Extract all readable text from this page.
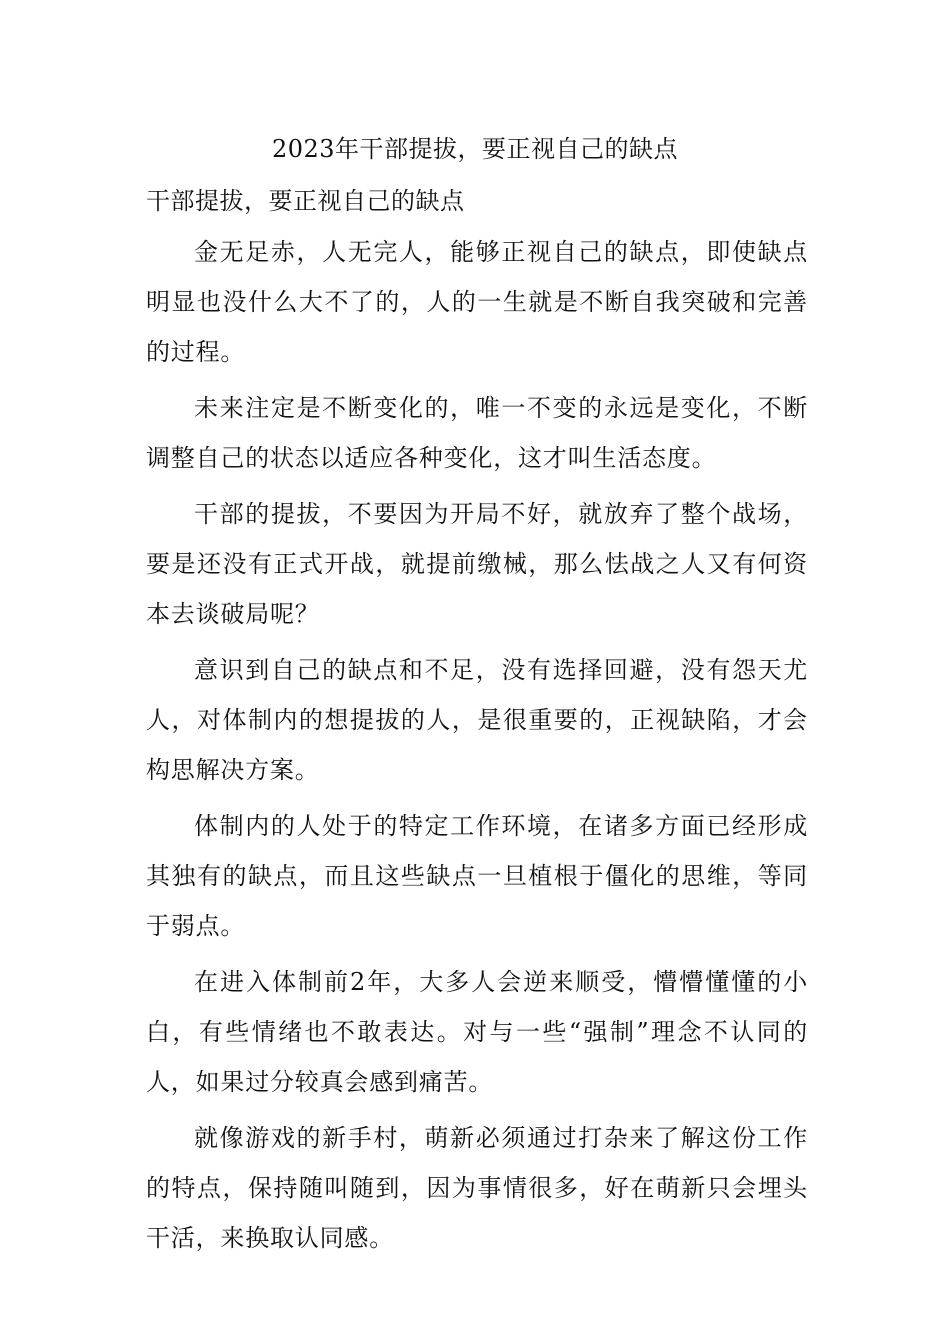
2023年干部提拔，要正视自己的缺点
干部提拔，要正视自己的缺点

金无足赤，人无完人，能够正视自己的缺点，即使缺点明显也没什么大不了的，人的一生就是不断自我突破和完善的过程。

未来注定是不断变化的，唯一不变的永远是变化，不断调整自己的状态以适应各种变化，这才叫生活态度。

干部的提拔，不要因为开局不好，就放弃了整个战场，要是还没有正式开战，就提前缴械，那么怯战之人又有何资本去谈破局呢？

意识到自己的缺点和不足，没有选择回避，没有怨天尤人，对体制内的想提拔的人，是很重要的，正视缺陷，才会构思解决方案。

体制内的人处于的特定工作环境，在诸多方面已经形成其独有的缺点，而且这些缺点一旦植根于僵化的思维，等同于弱点。

在进入体制前2年，大多人会逆来顺受，懵懵懂懂的小白，有些情绪也不敢表达。对与一些“强制”理念不认同的人，如果过分较真会感到痛苦。

就像游戏的新手村，萌新必须通过打杂来了解这份工作的特点，保持随叫随到，因为事情很多，好在萌新只会埋头干活，来换取认同感。
